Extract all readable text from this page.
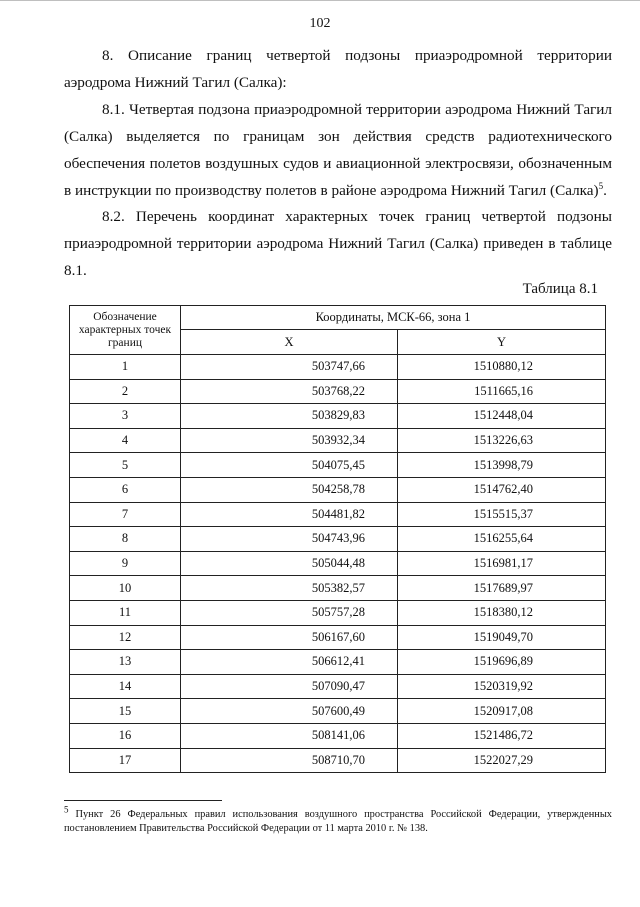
102

8. Описание границ четвертой подзоны приаэродромной территории аэродрома Нижний Тагил (Салка):

8.1. Четвертая подзона приаэродромной территории аэродрома Нижний Тагил (Салка) выделяется по границам зон действия средств радиотехнического обеспечения полетов воздушных судов и авиационной электросвязи, обозначенным в инструкции по производству полетов в районе аэродрома Нижний Тагил (Салка)$^5$.

8.2. Перечень координат характерных точек границ четвертой подзоны приаэродромной территории аэродрома Нижний Тагил (Салка) приведен в таблице 8.1.

Таблица 8.1
Обозначение характерных точек границ	Координаты, МСК-66, зона 1	
	X	Y
1	503747,66	1510880,12
2	503768,22	1511665,16
3	503829,83	1512448,04
4	503932,34	1513226,63
5	504075,45	1513998,79
6	504258,78	1514762,40
7	504481,82	1515515,37
8	504743,96	1516255,64
9	505044,48	1516981,17
10	505382,57	1517689,97
11	505757,28	1518380,12
12	506167,60	1519049,70
13	506612,41	1519696,89
14	507090,47	1520319,92
15	507600,49	1520917,08
16	508141,06	1521486,72
17	508710,70	1522027,29

$^5$ Пункт 26 Федеральных правил использования воздушного пространства Российской Федерации, утвержденных постановлением Правительства Российской Федерации от 11 марта 2010 г. № 138.
